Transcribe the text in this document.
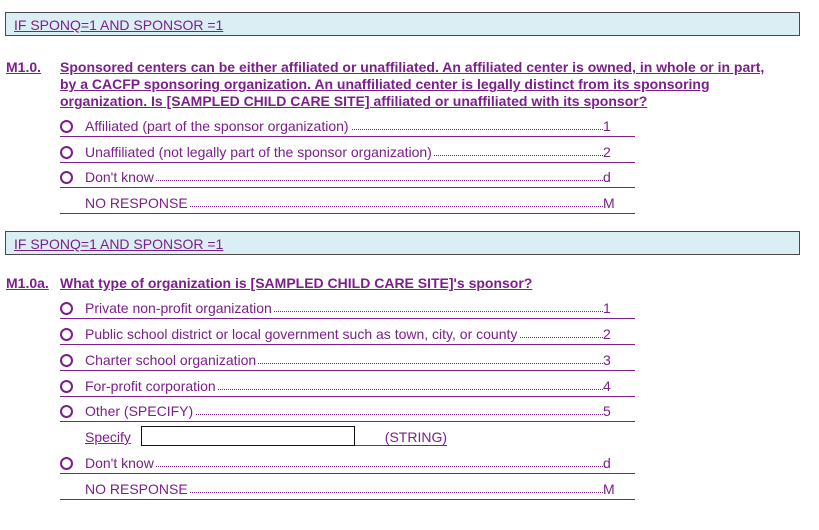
IF SPONQ=1 AND SPONSOR =1
M1.0. Sponsored centers can be either affiliated or unaffiliated. An affiliated center is owned, in whole or in part,
by a CACFP sponsoring organization. An unaffiliated center is legally distinct from its sponsoring
organization. Is [SAMPLED CHILD CARE SITE] affiliated or unaffiliated with its sponsor?
Affiliated (part of the sponsor organization)	1
Unaffiliated (not legally part of the sponsor organization)	2
Don't know	d
NO RESPONSE	M
IF SPONQ=1 AND SPONSOR =1
M1.0a. What type of organization is [SAMPLED CHILD CARE SITE]'s sponsor?
Private non-profit organization	1
Public school district or local government such as town, city, or county	2
Charter school organization	3
For-profit corporation	4
Other (SPECIFY)	5
Specify	(STRING)
Don't know	d
NO RESPONSE	M
